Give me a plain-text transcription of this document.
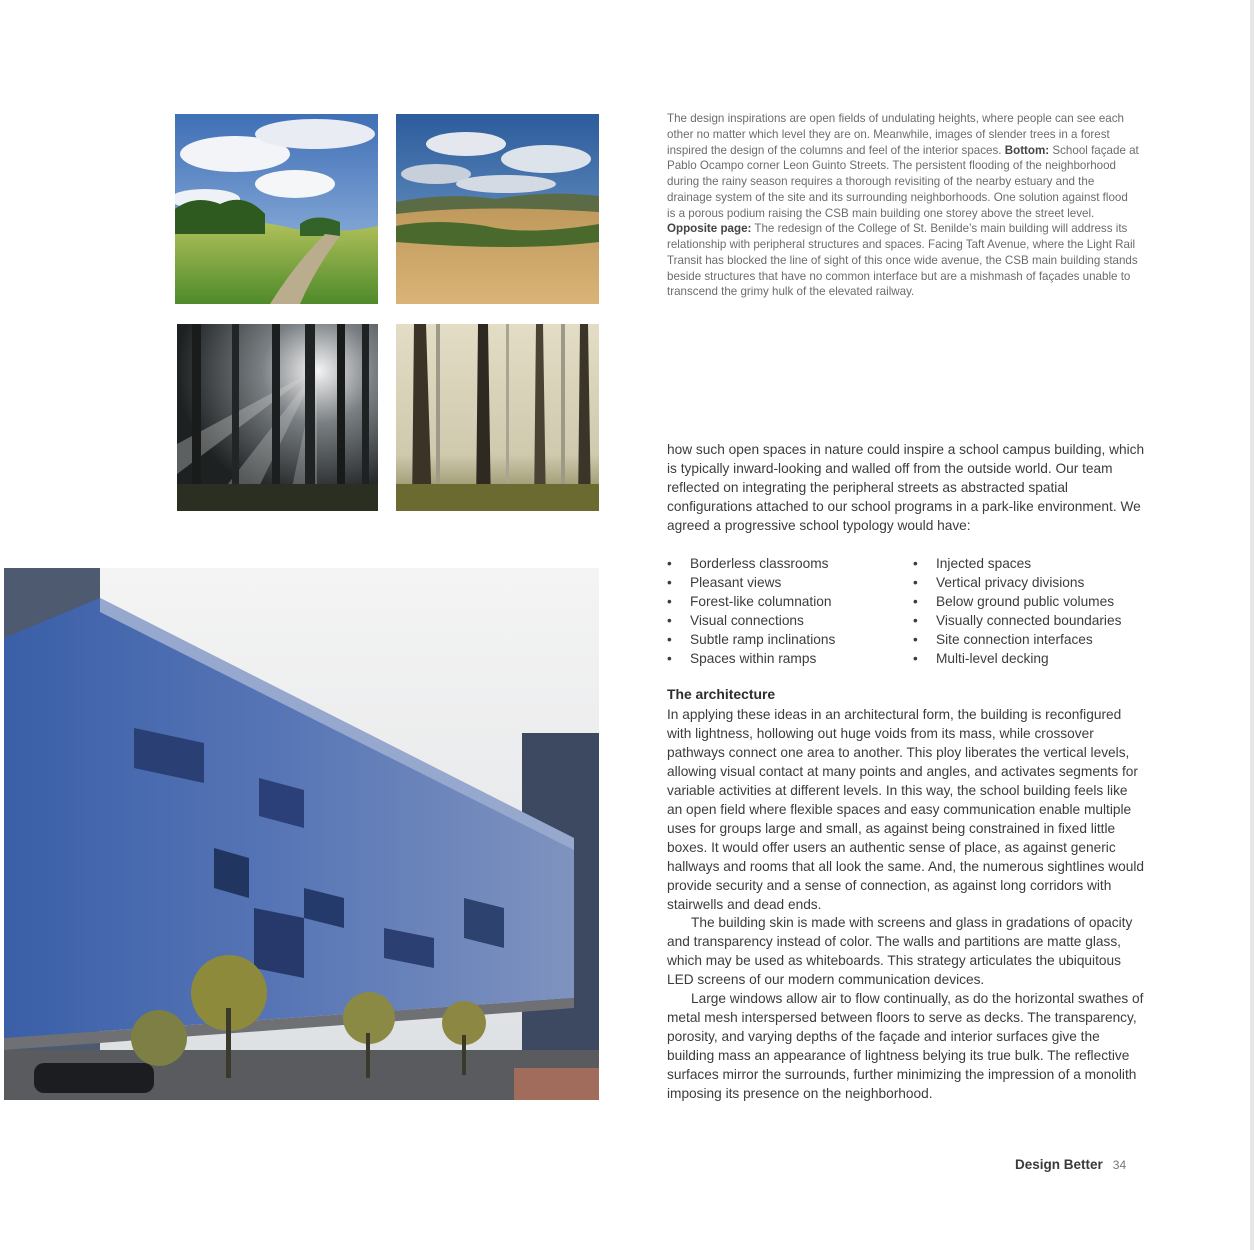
The design inspirations are open fields of undulating heights, where people can see each other no matter which level they are on. Meanwhile, images of slender trees in a forest inspired the design of the columns and feel of the interior spaces. Bottom: School façade at Pablo Ocampo corner Leon Guinto Streets. The persistent flooding of the neighborhood during the rainy season requires a thorough revisiting of the nearby estuary and the drainage system of the site and its surrounding neighborhoods. One solution against flood is a porous podium raising the CSB main building one storey above the street level. Opposite page: The redesign of the College of St. Benilde’s main building will address its relationship with peripheral structures and spaces. Facing Taft Avenue, where the Light Rail Transit has blocked the line of sight of this once wide avenue, the CSB main building stands beside structures that have no common interface but are a mishmash of façades unable to transcend the grimy hulk of the elevated railway.
how such open spaces in nature could inspire a school campus building, which is typically inward-looking and walled off from the outside world. Our team reflected on integrating the peripheral streets as abstracted spatial configurations attached to our school programs in a park-like environment. We agreed a progressive school typology would have:
• Borderless classrooms
• Pleasant views
• Forest-like columnation
• Visual connections
• Subtle ramp inclinations
• Spaces within ramps
• Injected spaces
• Vertical privacy divisions
• Below ground public volumes
• Visually connected boundaries
• Site connection interfaces
• Multi-level decking
The architecture

In applying these ideas in an architectural form, the building is reconfigured with lightness, hollowing out huge voids from its mass, while crossover pathways connect one area to another. This ploy liberates the vertical levels, allowing visual contact at many points and angles, and activates segments for variable activities at different levels. In this way, the school building feels like an open field where flexible spaces and easy communication enable multiple uses for groups large and small, as against being constrained in fixed little boxes. It would offer users an authentic sense of place, as against generic hallways and rooms that all look the same. And, the numerous sightlines would provide security and a sense of connection, as against long corridors with stairwells and dead ends.

The building skin is made with screens and glass in gradations of opacity and transparency instead of color. The walls and partitions are matte glass, which may be used as whiteboards. This strategy articulates the ubiquitous LED screens of our modern communication devices.

Large windows allow air to flow continually, as do the horizontal swathes of metal mesh interspersed between floors to serve as decks. The transparency, porosity, and varying depths of the façade and interior surfaces give the building mass an appearance of lightness belying its true bulk. The reflective surfaces mirror the surrounds, further minimizing the impression of a monolith imposing its presence on the neighborhood.

Design Better 34
